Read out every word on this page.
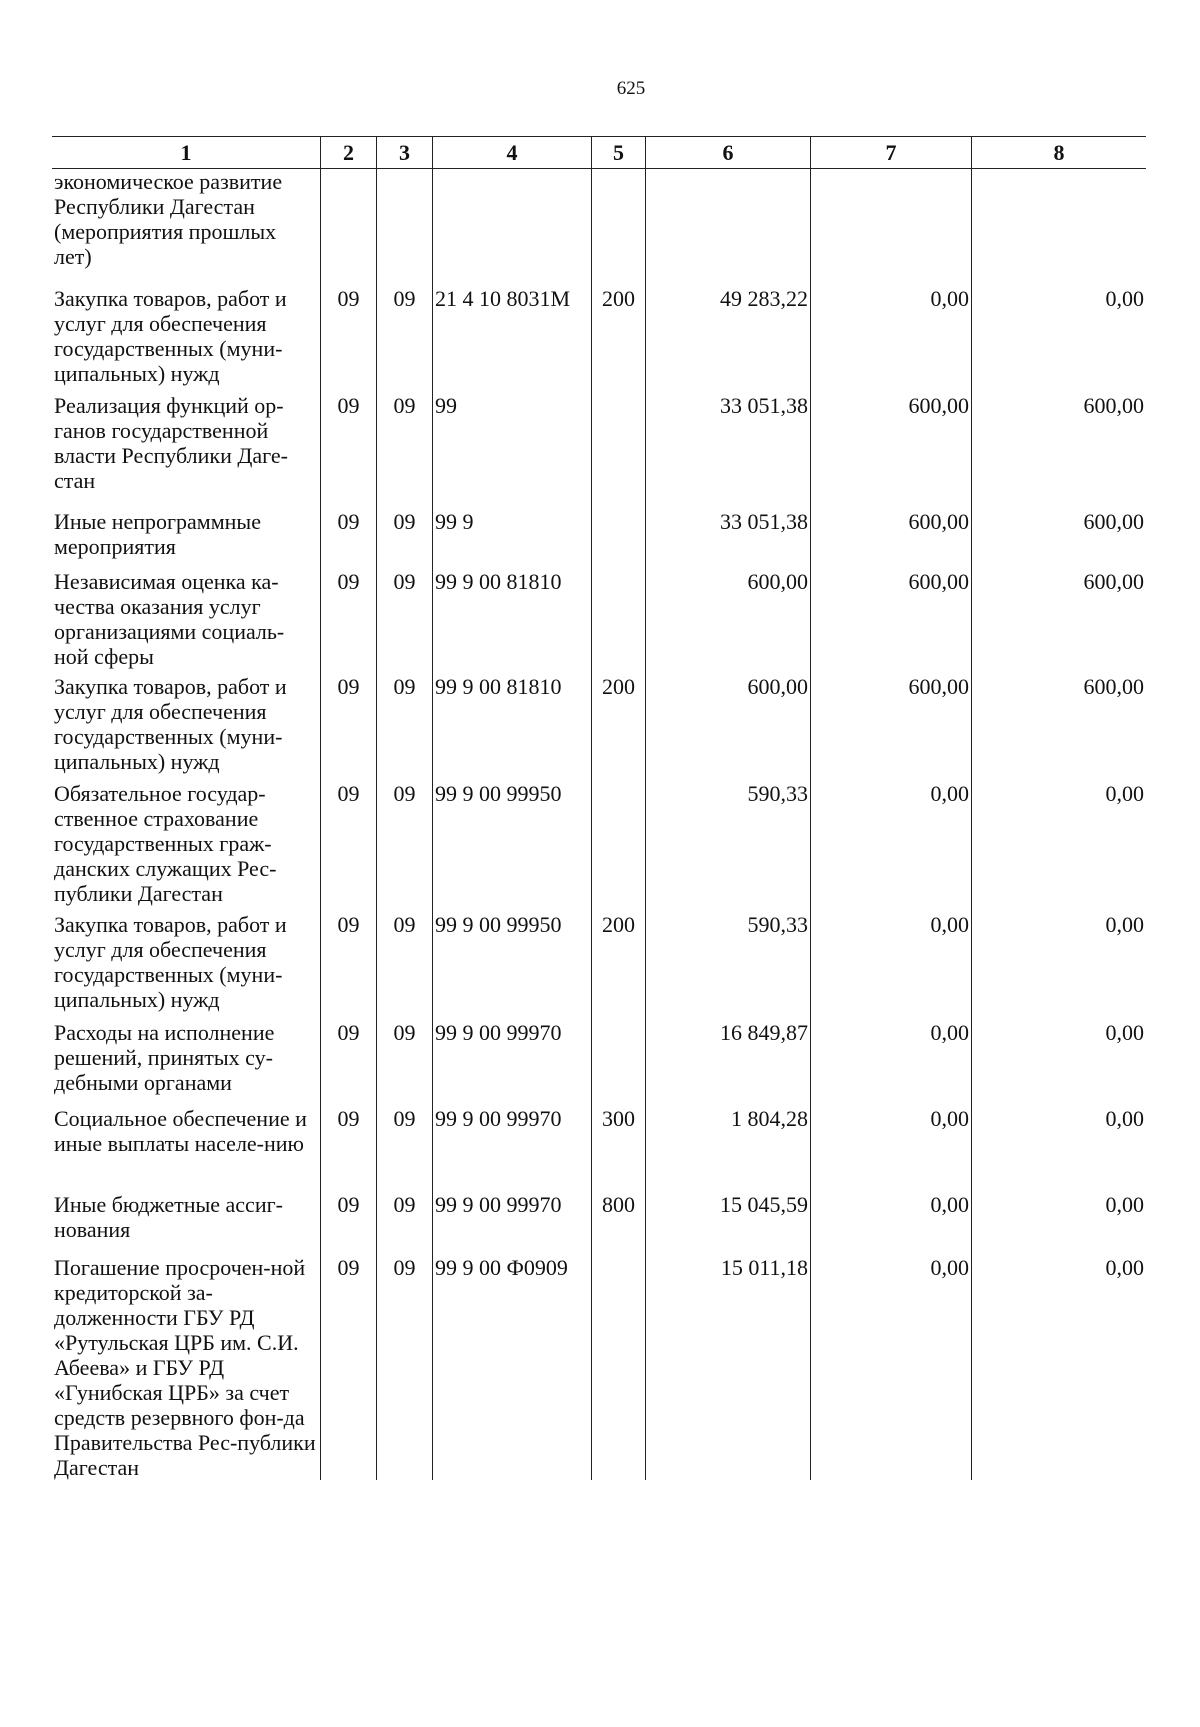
625
1	2	3	4	5	6	7	8
экономическое развитие Республики Дагестан (мероприятия прошлых лет)							
Закупка товаров, работ и услуг для обеспечения государственных (муни-ципальных) нужд	09	09	21 4 10 8031М	200	49 283,22	0,00	0,00
Реализация функций ор-ганов государственной власти Республики Даге-стан	09	09	99		33 051,38	600,00	600,00
Иные непрограммные мероприятия	09	09	99 9		33 051,38	600,00	600,00
Независимая оценка ка-чества оказания услуг организациями социаль-ной сферы	09	09	99 9 00 81810		600,00	600,00	600,00
Закупка товаров, работ и услуг для обеспечения государственных (муни-ципальных) нужд	09	09	99 9 00 81810	200	600,00	600,00	600,00
Обязательное государ-ственное страхование государственных граж-данских служащих Рес-публики Дагестан	09	09	99 9 00 99950		590,33	0,00	0,00
Закупка товаров, работ и услуг для обеспечения государственных (муни-ципальных) нужд	09	09	99 9 00 99950	200	590,33	0,00	0,00
Расходы на исполнение решений, принятых су-дебными органами	09	09	99 9 00 99970		16 849,87	0,00	0,00
Социальное обеспечение и иные выплаты населе-нию	09	09	99 9 00 99970	300	1 804,28	0,00	0,00
Иные бюджетные ассиг-нования	09	09	99 9 00 99970	800	15 045,59	0,00	0,00
Погашение просрочен-ной кредиторской за-долженности ГБУ РД «Рутульская ЦРБ им. С.И. Абеева» и ГБУ РД «Гунибская ЦРБ» за счет средств резервного фон-да Правительства Рес-публики Дагестан	09	09	99 9 00 Ф0909		15 011,18	0,00	0,00
